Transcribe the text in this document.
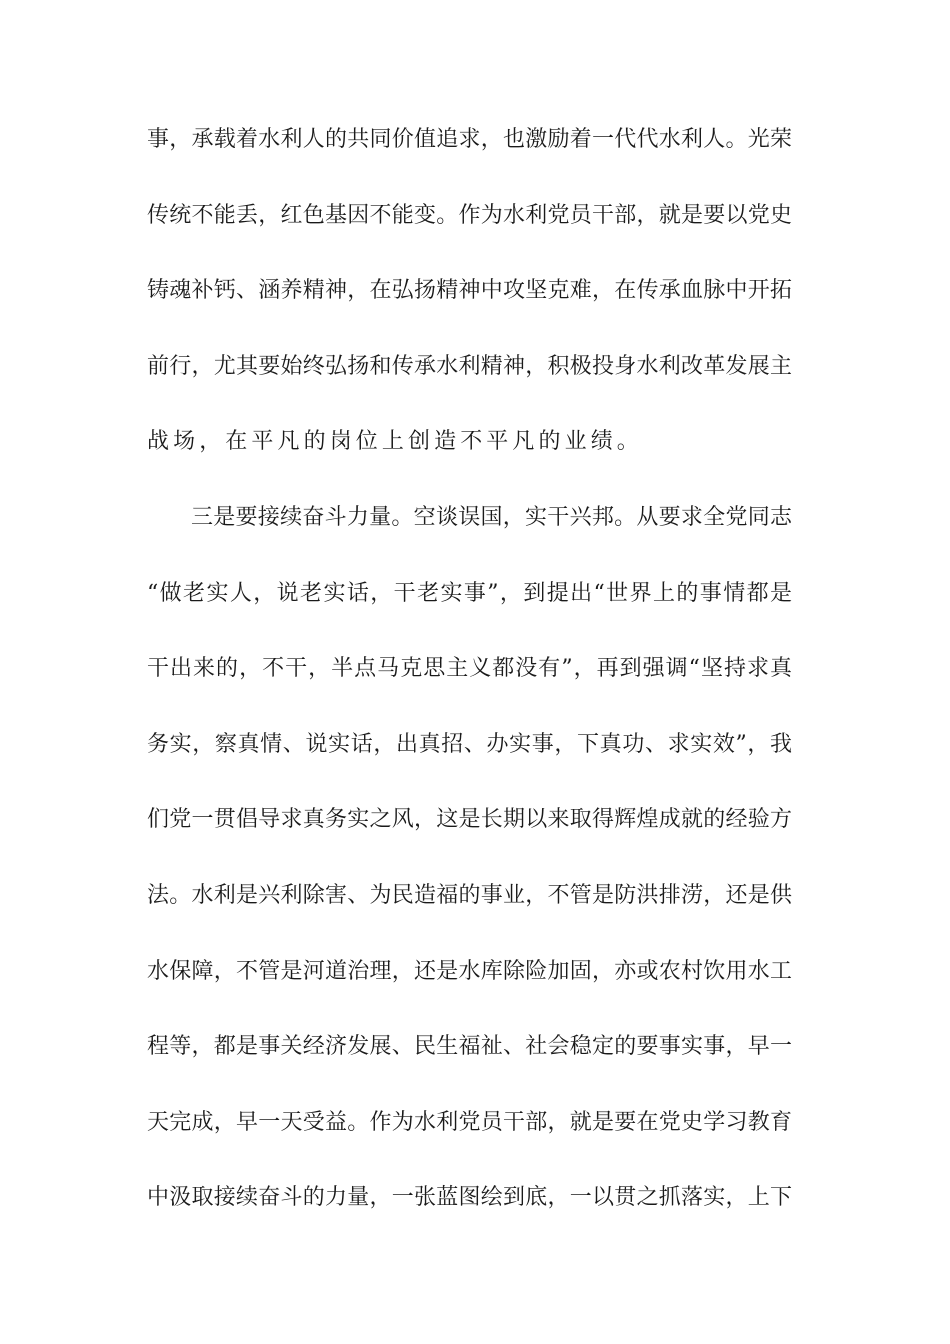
事，承载着水利人的共同价值追求，也激励着一代代水利人。光荣
传统不能丢，红色基因不能变。作为水利党员干部，就是要以党史
铸魂补钙、涵养精神，在弘扬精神中攻坚克难，在传承血脉中开拓
前行，尤其要始终弘扬和传承水利精神，积极投身水利改革发展主
战场，在平凡的岗位上创造不平凡的业绩。
三是要接续奋斗力量。空谈误国，实干兴邦。从要求全党同志
“做老实人，说老实话，干老实事”，到提出“世界上的事情都是
干出来的，不干，半点马克思主义都没有”，再到强调“坚持求真
务实，察真情、说实话，出真招、办实事，下真功、求实效”，我
们党一贯倡导求真务实之风，这是长期以来取得辉煌成就的经验方
法。水利是兴利除害、为民造福的事业，不管是防洪排涝，还是供
水保障，不管是河道治理，还是水库除险加固，亦或农村饮用水工
程等，都是事关经济发展、民生福祉、社会稳定的要事实事，早一
天完成，早一天受益。作为水利党员干部，就是要在党史学习教育
中汲取接续奋斗的力量，一张蓝图绘到底，一以贯之抓落实，上下
